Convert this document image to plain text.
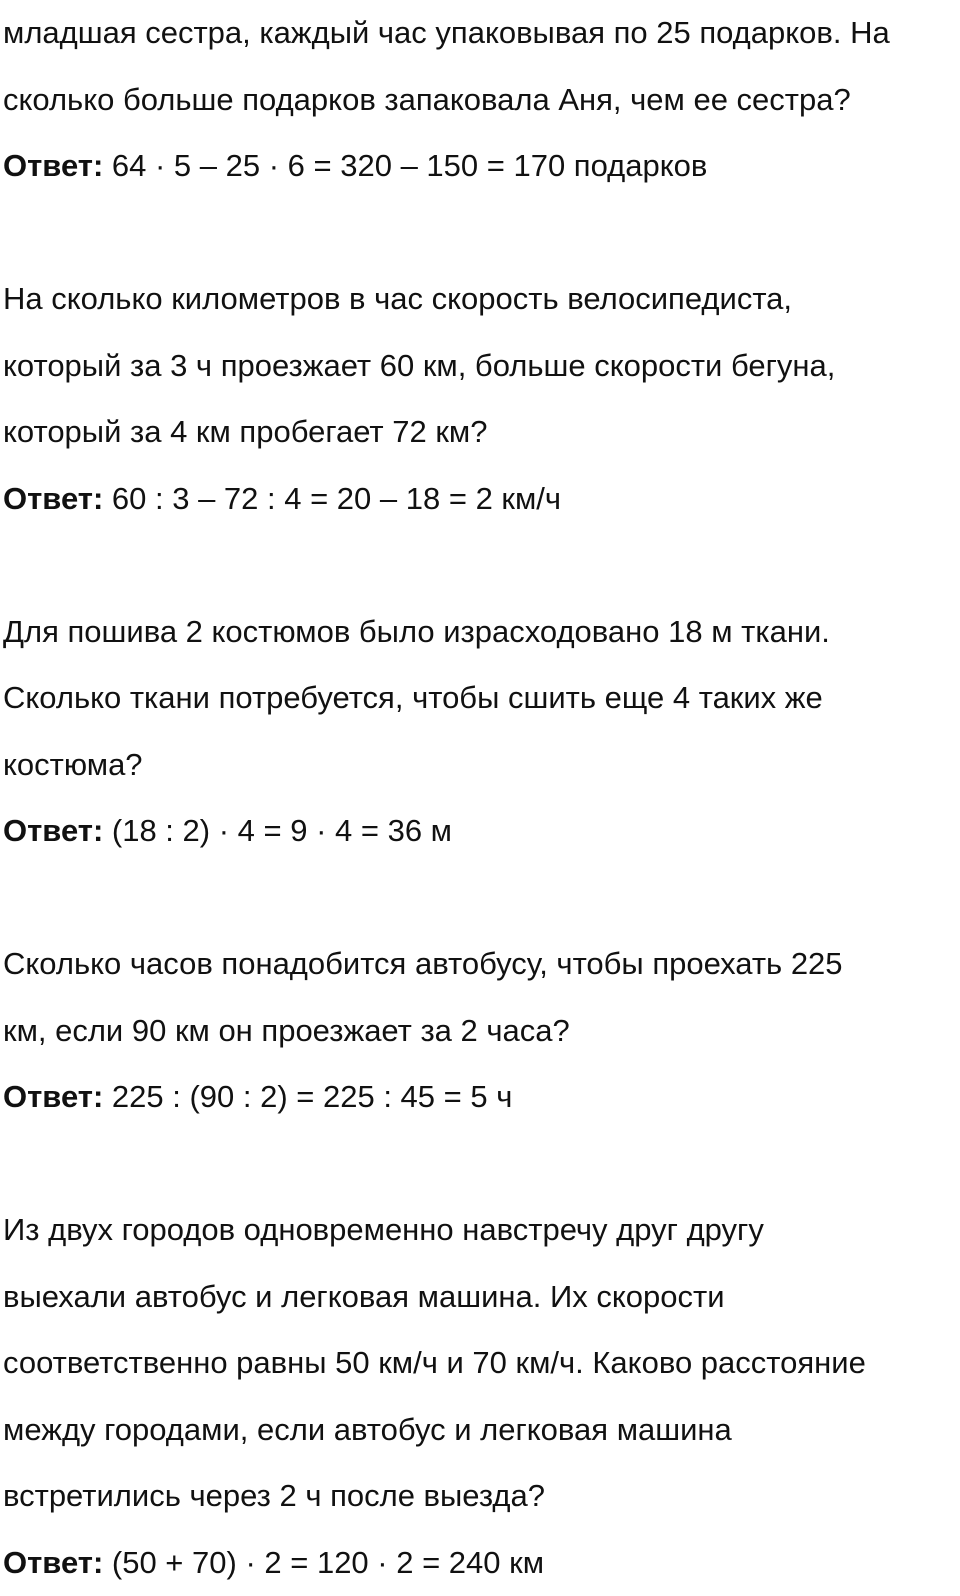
младшая сестра, каждый час упаковывая по 25 подарков. На
сколько больше подарков запаковала Аня, чем ее сестра?
Ответ: 64 · 5 – 25 · 6 = 320 – 150 = 170 подарков
На сколько километров в час скорость велосипедиста,
который за 3 ч проезжает 60 км, больше скорости бегуна,
который за 4 км пробегает 72 км?
Ответ: 60 : 3 – 72 : 4 = 20 – 18 = 2 км/ч
Для пошива 2 костюмов было израсходовано 18 м ткани.
Сколько ткани потребуется, чтобы сшить еще 4 таких же
костюма?
Ответ: (18 : 2) · 4 = 9 · 4 = 36 м
Сколько часов понадобится автобусу, чтобы проехать 225
км, если 90 км он проезжает за 2 часа?
Ответ: 225 : (90 : 2) = 225 : 45 = 5 ч
Из двух городов одновременно навстречу друг другу
выехали автобус и легковая машина. Их скорости
соответственно равны 50 км/ч и 70 км/ч. Каково расстояние
между городами, если автобус и легковая машина
встретились через 2 ч после выезда?
Ответ: (50 + 70) · 2 = 120 · 2 = 240 км
